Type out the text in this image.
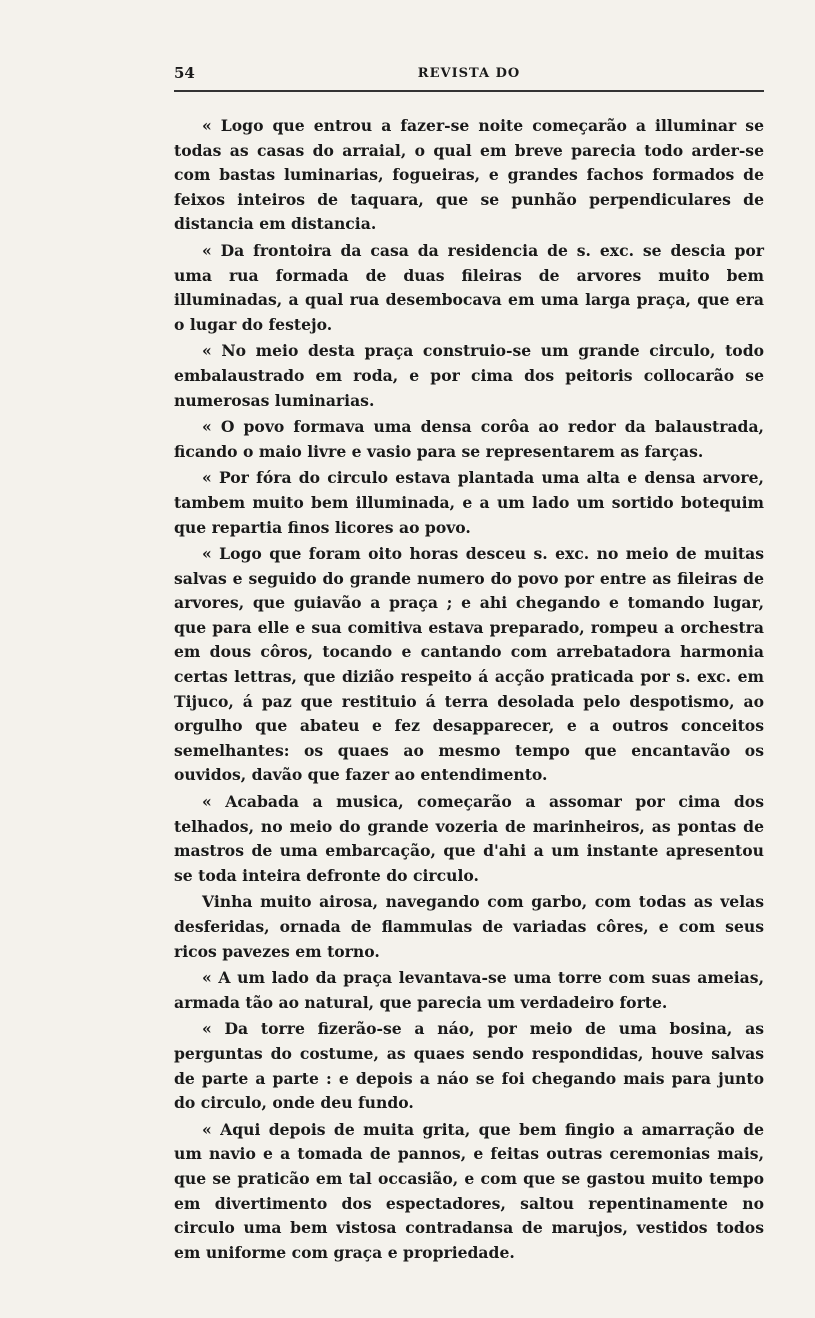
54	REVISTA DO

« Logo que entrou a fazer-se noite começarão a illuminar se todas as casas do arraial, o qual em breve parecia todo arder-se com bastas luminarias, fogueiras, e grandes fachos formados de feixos inteiros de taquara, que se punhão perpendiculares de distancia em distancia.

« Da frontoira da casa da residencia de s. exc. se descia por uma rua formada de duas fileiras de arvores muito bem illuminadas, a qual rua desembocava em uma larga praça, que era o lugar do festejo.

« No meio desta praça construio-se um grande circulo, todo embalaustrado em roda, e por cima dos peitoris collocarão se numerosas luminarias.

« O povo formava uma densa corôa ao redor da balaustrada, ficando o maio livre e vasio para se representarem as farças.

« Por fóra do circulo estava plantada uma alta e densa arvore, tambem muito bem illuminada, e a um lado um sortido botequim que repartia finos licores ao povo.

« Logo que foram oito horas desceu s. exc. no meio de muitas salvas e seguido do grande numero do povo por entre as fileiras de arvores, que guiavão a praça ; e ahi chegando e tomando lugar, que para elle e sua comitiva estava preparado, rompeu a orchestra em dous côros, tocando e cantando com arrebatadora harmonia certas lettras, que dizião respeito á acção praticada por s. exc. em Tijuco, á paz que restituio á terra desolada pelo despotismo, ao orgulho que abateu e fez desapparecer, e a outros conceitos semelhantes: os quaes ao mesmo tempo que encantavão os ouvidos, davão que fazer ao entendimento.

« Acabada a musica, começarão a assomar por cima dos telhados, no meio do grande vozeria de marinheiros, as pontas de mastros de uma embarcação, que d'ahi a um instante apresentou se toda inteira defronte do circulo.

Vinha muito airosa, navegando com garbo, com todas as velas desferidas, ornada de flammulas de variadas côres, e com seus ricos pavezes em torno.

« A um lado da praça levantava-se uma torre com suas ameias, armada tão ao natural, que parecia um verdadeiro forte.

« Da torre fizerão-se a náo, por meio de uma bosina, as perguntas do costume, as quaes sendo respondidas, houve salvas de parte a parte : e depois a náo se foi chegando mais para junto do circulo, onde deu fundo.

« Aqui depois de muita grita, que bem fingio a amarração de um navio e a tomada de pannos, e feitas outras ceremonias mais, que se praticão em tal occasião, e com que se gastou muito tempo em divertimento dos espectadores, saltou repentinamente no circulo uma bem vistosa contradansa de marujos, vestidos todos em uniforme com graça e propriedade.
